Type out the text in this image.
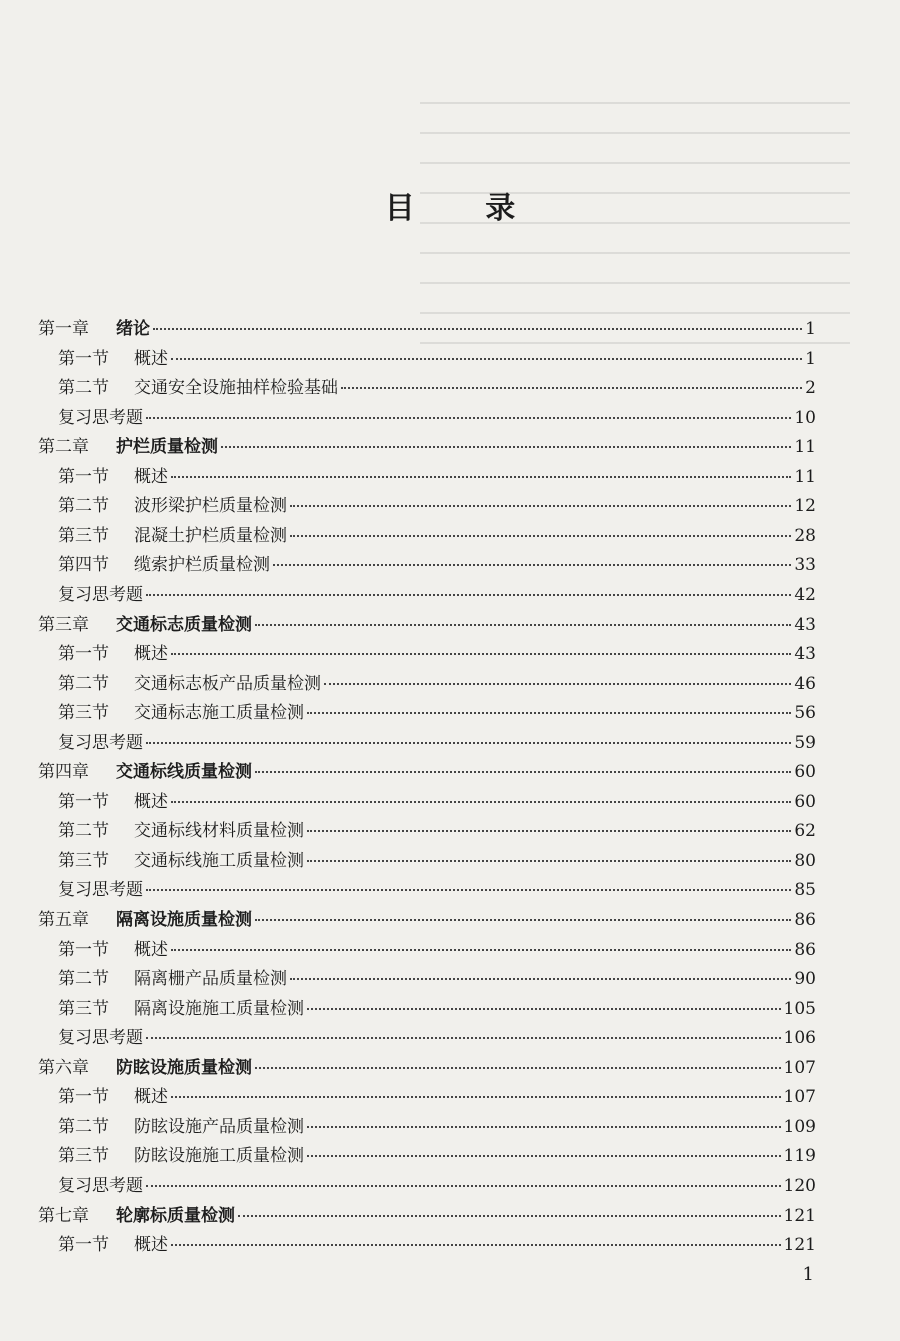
目 录
第一章	绪论	1
第一节	概述	1
第二节	交通安全设施抽样检验基础	2
复习思考题	10
第二章	护栏质量检测	11
第一节	概述	11
第二节	波形梁护栏质量检测	12
第三节	混凝土护栏质量检测	28
第四节	缆索护栏质量检测	33
复习思考题	42
第三章	交通标志质量检测	43
第一节	概述	43
第二节	交通标志板产品质量检测	46
第三节	交通标志施工质量检测	56
复习思考题	59
第四章	交通标线质量检测	60
第一节	概述	60
第二节	交通标线材料质量检测	62
第三节	交通标线施工质量检测	80
复习思考题	85
第五章	隔离设施质量检测	86
第一节	概述	86
第二节	隔离栅产品质量检测	90
第三节	隔离设施施工质量检测	105
复习思考题	106
第六章	防眩设施质量检测	107
第一节	概述	107
第二节	防眩设施产品质量检测	109
第三节	防眩设施施工质量检测	119
复习思考题	120
第七章	轮廓标质量检测	121
第一节	概述	121
1
